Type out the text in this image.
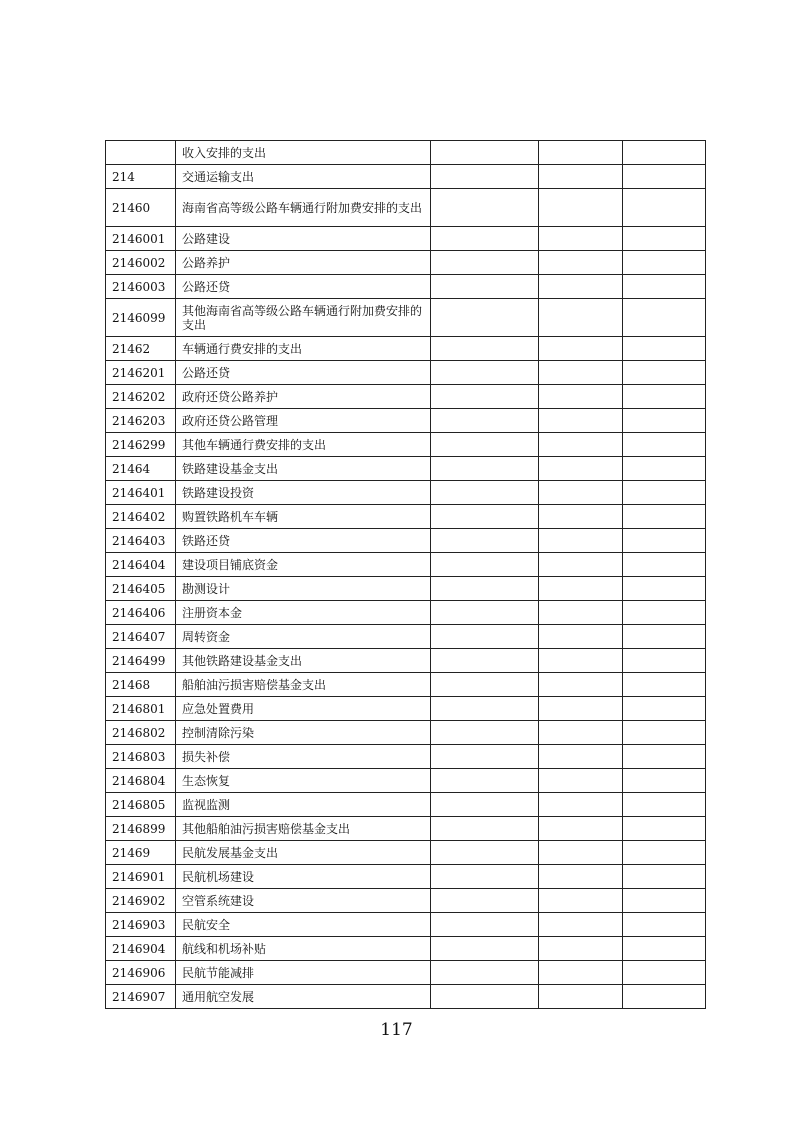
	收入安排的支出			
214	交通运输支出			
21460	海南省高等级公路车辆通行附加费安排的支出			
2146001	公路建设			
2146002	公路养护			
2146003	公路还贷			
2146099	其他海南省高等级公路车辆通行附加费安排的支出			
21462	车辆通行费安排的支出			
2146201	公路还贷			
2146202	政府还贷公路养护			
2146203	政府还贷公路管理			
2146299	其他车辆通行费安排的支出			
21464	铁路建设基金支出			
2146401	铁路建设投资			
2146402	购置铁路机车车辆			
2146403	铁路还贷			
2146404	建设项目铺底资金			
2146405	勘测设计			
2146406	注册资本金			
2146407	周转资金			
2146499	其他铁路建设基金支出			
21468	船舶油污损害赔偿基金支出			
2146801	应急处置费用			
2146802	控制清除污染			
2146803	损失补偿			
2146804	生态恢复			
2146805	监视监测			
2146899	其他船舶油污损害赔偿基金支出			
21469	民航发展基金支出			
2146901	民航机场建设			
2146902	空管系统建设			
2146903	民航安全			
2146904	航线和机场补贴			
2146906	民航节能减排			
2146907	通用航空发展			
117
